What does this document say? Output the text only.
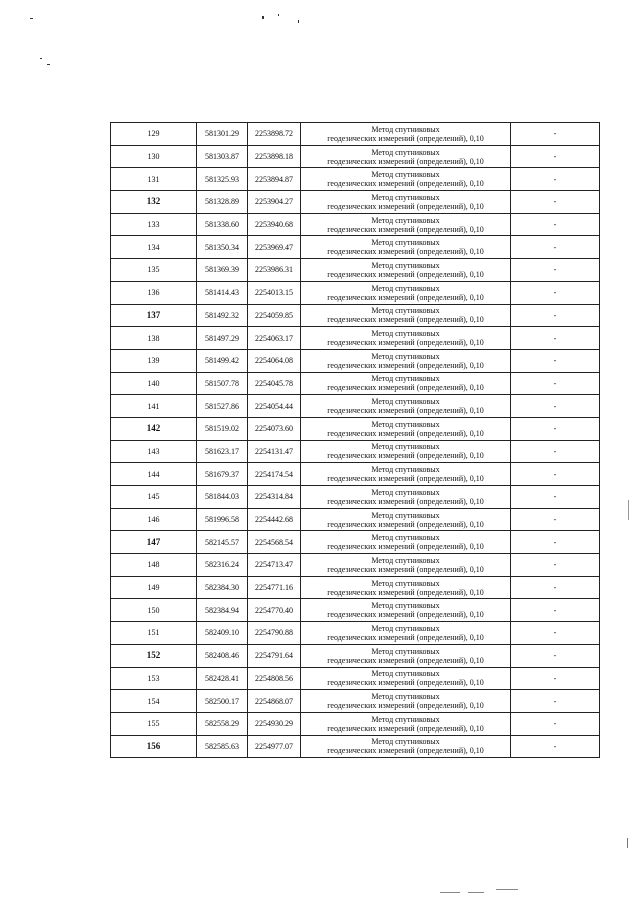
129	581301.29	2253898.72	Метод спутниковых
геодезических измерений (определений), 0,10	-
130	581303.87	2253898.18	Метод спутниковых
геодезических измерений (определений), 0,10	-
131	581325.93	2253894.87	Метод спутниковых
геодезических измерений (определений), 0,10	-
132	581328.89	2253904.27	Метод спутниковых
геодезических измерений (определений), 0,10	-
133	581338.60	2253940.68	Метод спутниковых
геодезических измерений (определений), 0,10	-
134	581350.34	2253969.47	Метод спутниковых
геодезических измерений (определений), 0,10	-
135	581369.39	2253986.31	Метод спутниковых
геодезических измерений (определений), 0,10	-
136	581414.43	2254013.15	Метод спутниковых
геодезических измерений (определений), 0,10	-
137	581492.32	2254059.85	Метод спутниковых
геодезических измерений (определений), 0,10	-
138	581497.29	2254063.17	Метод спутниковых
геодезических измерений (определений), 0,10	-
139	581499.42	2254064.08	Метод спутниковых
геодезических измерений (определений), 0,10	-
140	581507.78	2254045.78	Метод спутниковых
геодезических измерений (определений), 0,10	-
141	581527.86	2254054.44	Метод спутниковых
геодезических измерений (определений), 0,10	-
142	581519.02	2254073.60	Метод спутниковых
геодезических измерений (определений), 0,10	-
143	581623.17	2254131.47	Метод спутниковых
геодезических измерений (определений), 0,10	-
144	581679.37	2254174.54	Метод спутниковых
геодезических измерений (определений), 0,10	-
145	581844.03	2254314.84	Метод спутниковых
геодезических измерений (определений), 0,10	-
146	581996.58	2254442.68	Метод спутниковых
геодезических измерений (определений), 0,10	-
147	582145.57	2254568.54	Метод спутниковых
геодезических измерений (определений), 0,10	-
148	582316.24	2254713.47	Метод спутниковых
геодезических измерений (определений), 0,10	-
149	582384.30	2254771.16	Метод спутниковых
геодезических измерений (определений), 0,10	-
150	582384.94	2254770.40	Метод спутниковых
геодезических измерений (определений), 0,10	-
151	582409.10	2254790.88	Метод спутниковых
геодезических измерений (определений), 0,10	-
152	582408.46	2254791.64	Метод спутниковых
геодезических измерений (определений), 0,10	-
153	582428.41	2254808.56	Метод спутниковых
геодезических измерений (определений), 0,10	-
154	582500.17	2254868.07	Метод спутниковых
геодезических измерений (определений), 0,10	-
155	582558.29	2254930.29	Метод спутниковых
геодезических измерений (определений), 0,10	-
156	582585.63	2254977.07	Метод спутниковых
геодезических измерений (определений), 0,10	-
